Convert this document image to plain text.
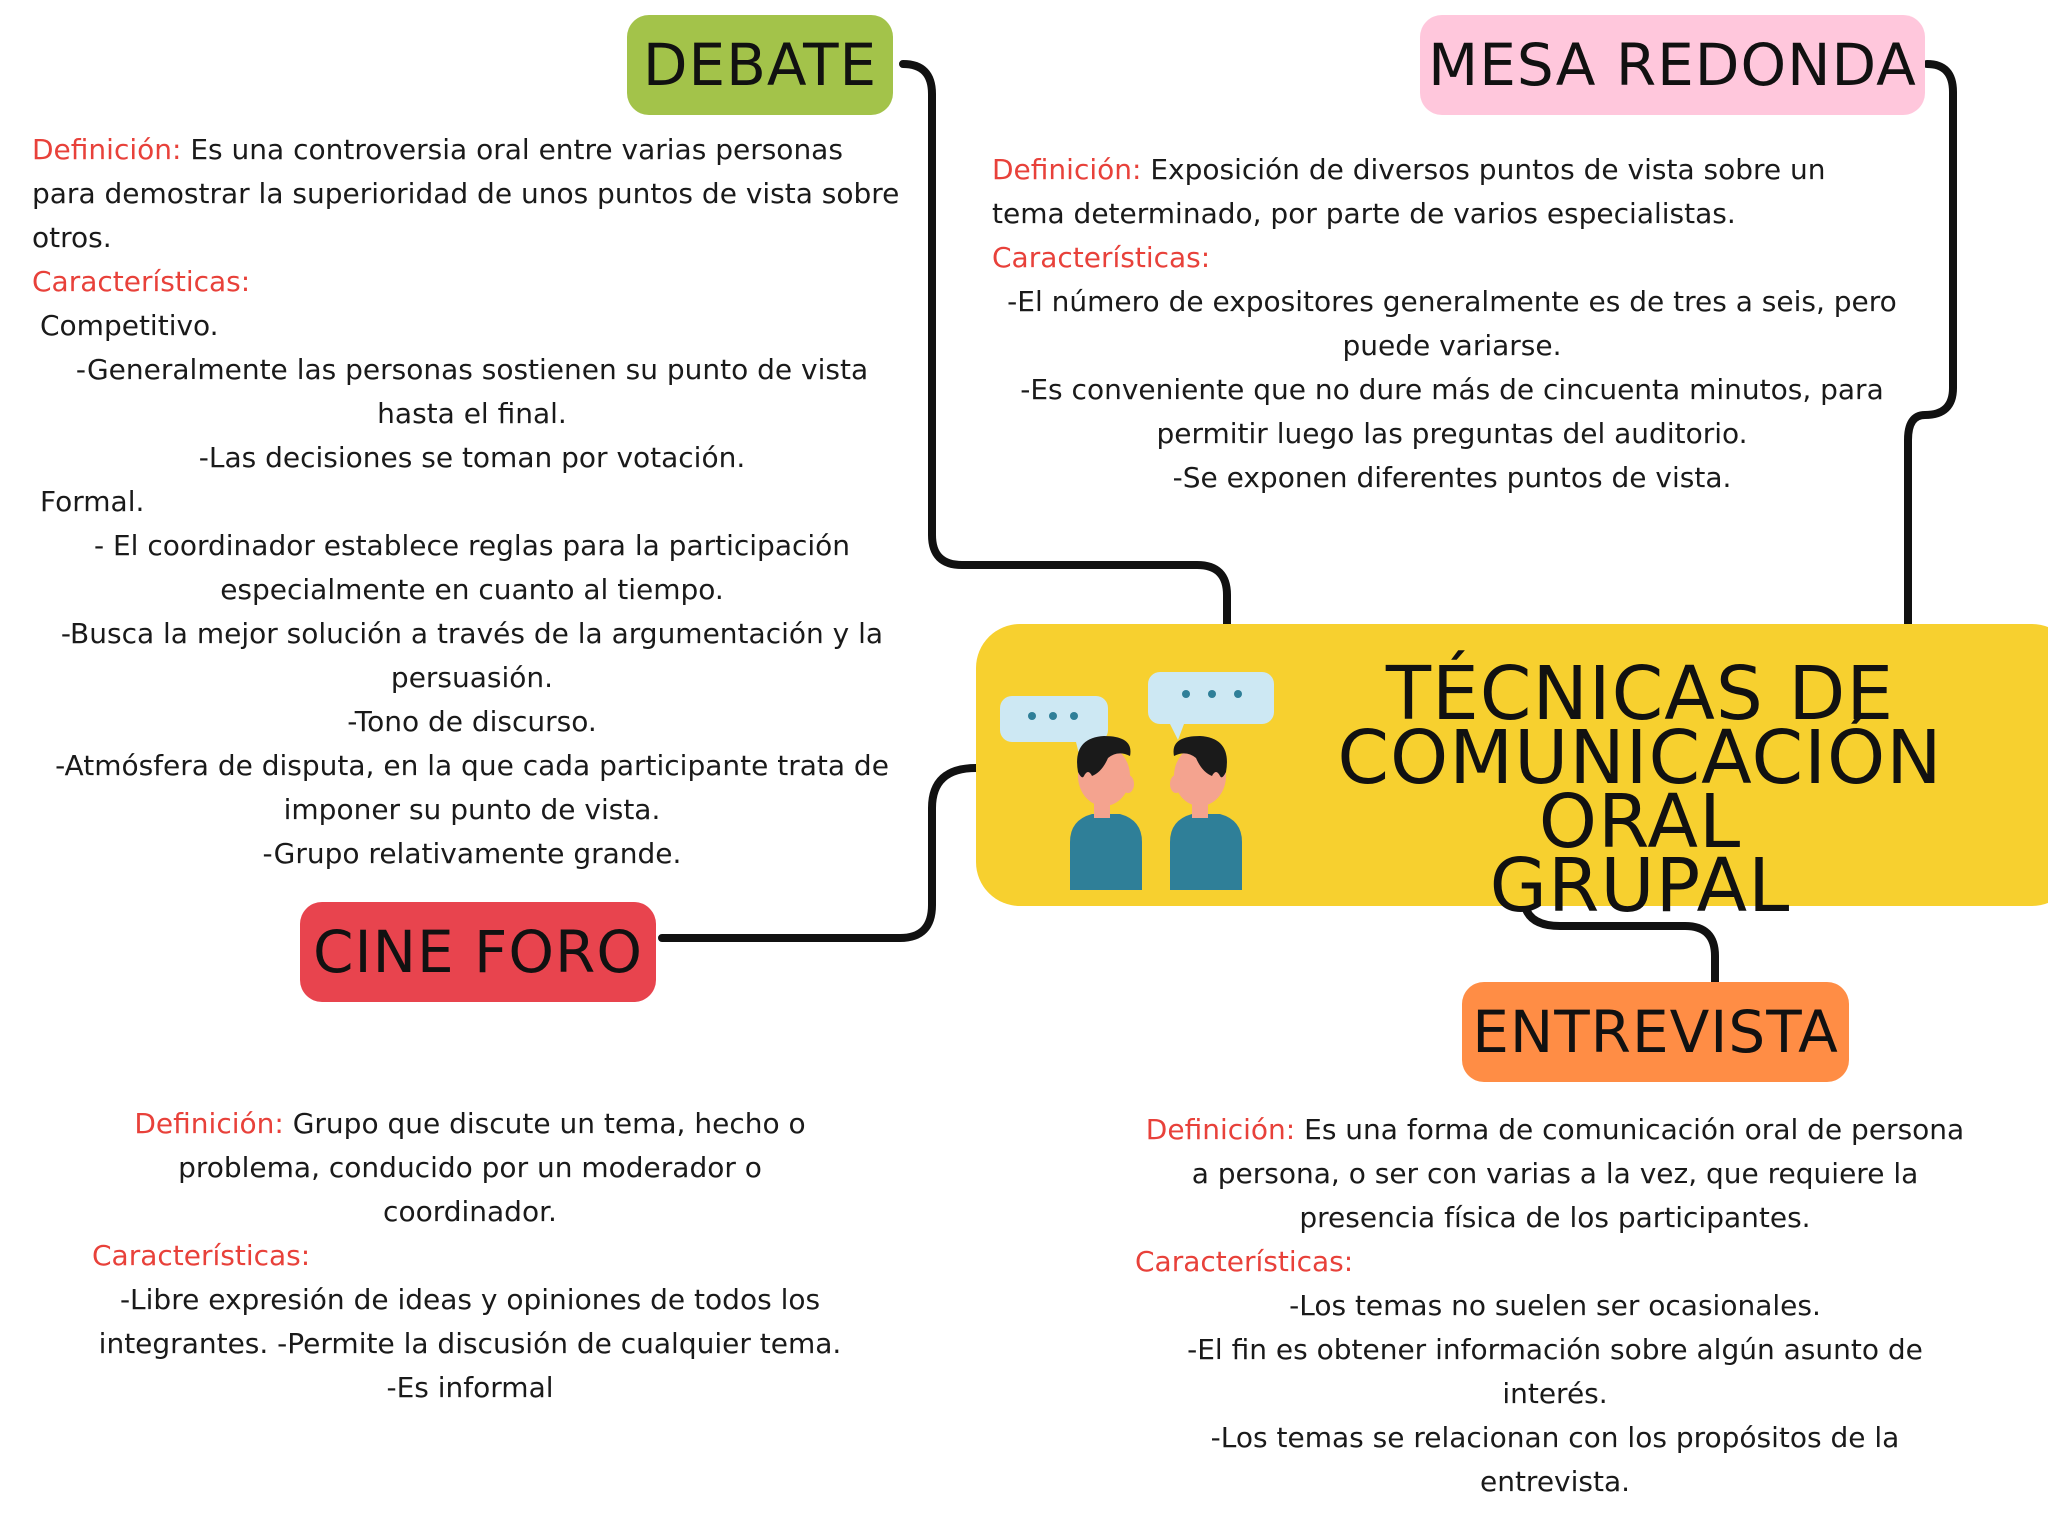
TÉCNICAS DE
COMUNICACIÓN ORAL
GRUPAL
DEBATE	MESA REDONDA
CINE FORO
ENTREVISTA

Definición: Es una controversia oral entre varias personas

para demostrar la superioridad de unos puntos de vista sobre

otros.

Características:

Competitivo.

-Generalmente las personas sostienen su punto de vista

hasta el final.

-Las decisiones se toman por votación.

Formal.

- El coordinador establece reglas para la participación

especialmente en cuanto al tiempo.

-Busca la mejor solución a través de la argumentación y la

persuasión.

-Tono de discurso.

-Atmósfera de disputa, en la que cada participante trata de

imponer su punto de vista.

-Grupo relativamente grande.

Definición: Exposición de diversos puntos de vista sobre un

tema determinado, por parte de varios especialistas.

Características:

-El número de expositores generalmente es de tres a seis, pero

puede variarse.

-Es conveniente que no dure más de cincuenta minutos, para

permitir luego las preguntas del auditorio.

-Se exponen diferentes puntos de vista.

Definición: Grupo que discute un tema, hecho o

problema, conducido por un moderador o

coordinador.

Características:

-Libre expresión de ideas y opiniones de todos los

integrantes. -Permite la discusión de cualquier tema.

-Es informal

Definición: Es una forma de comunicación oral de persona

a persona, o ser con varias a la vez, que requiere la

presencia física de los participantes.

Características:

-Los temas no suelen ser ocasionales.

-El fin es obtener información sobre algún asunto de

interés.

-Los temas se relacionan con los propósitos de la

entrevista.
